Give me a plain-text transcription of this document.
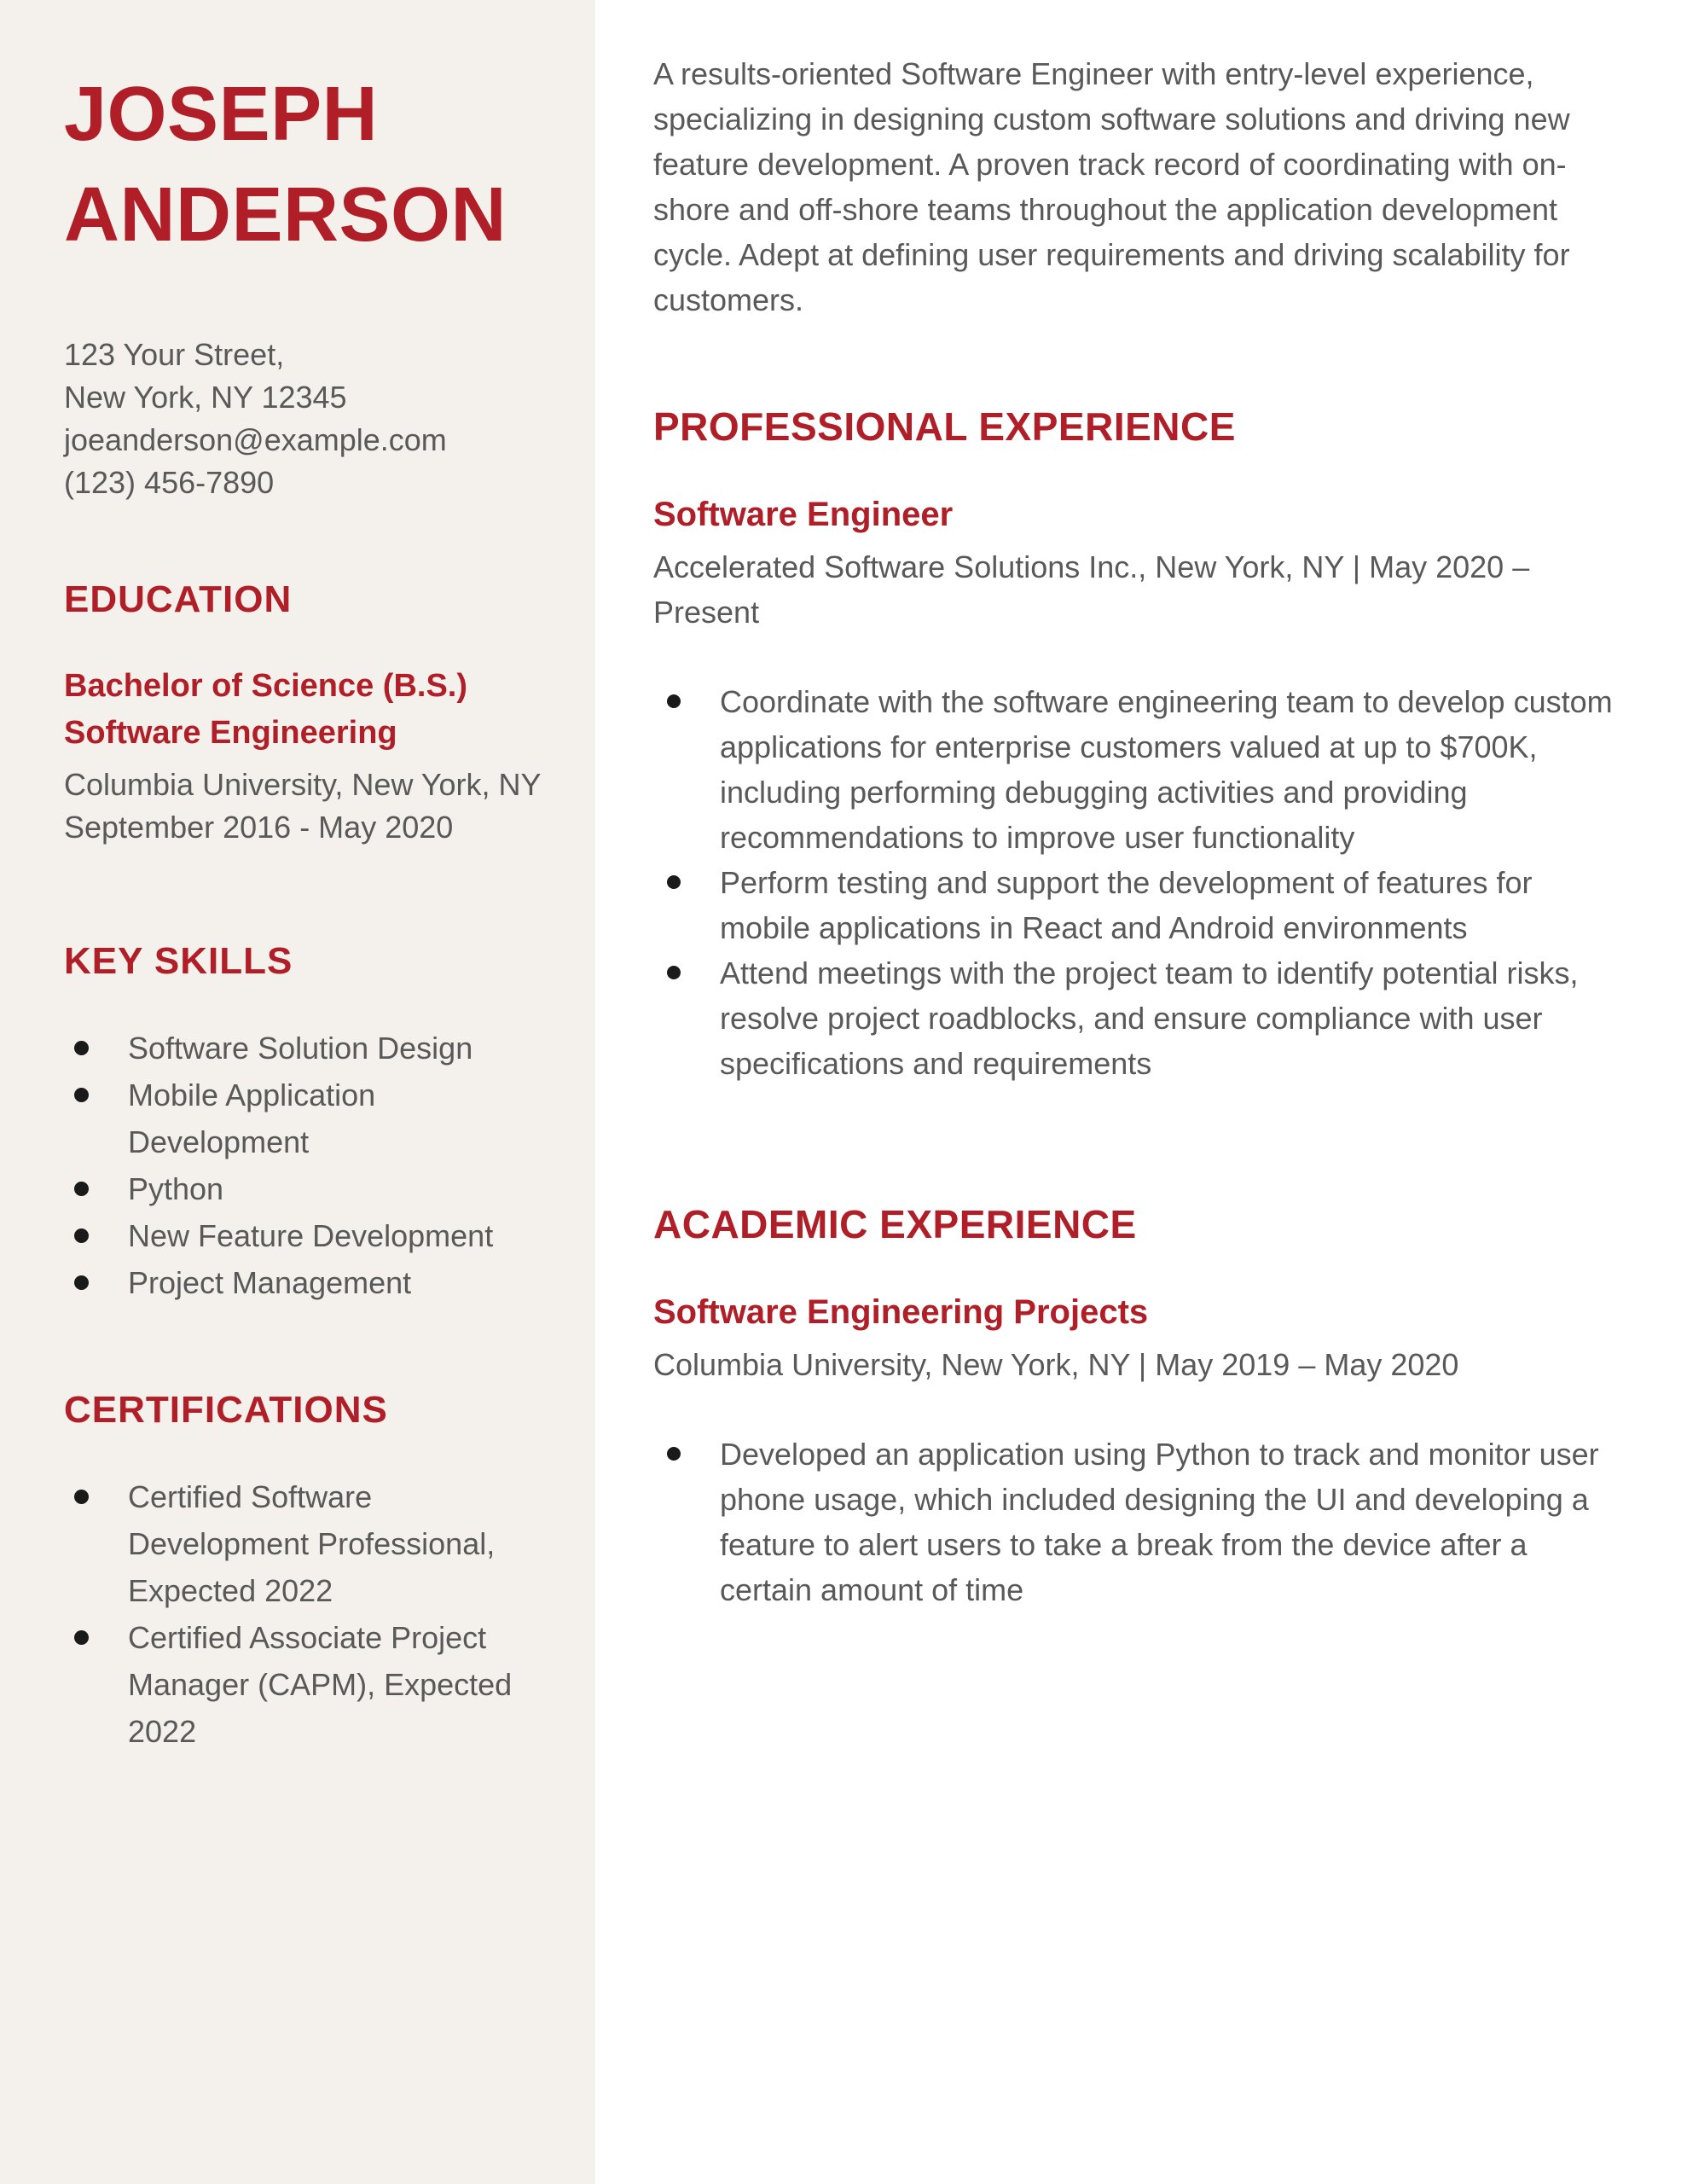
JOSEPH
ANDERSON
123 Your Street,
New York, NY 12345
joeanderson@example.com
(123) 456-7890
EDUCATION
Bachelor of Science (B.S.)
Software Engineering
Columbia University, New York, NY
September 2016 - May 2020
KEY SKILLS
Software Solution Design
Mobile Application Development
Python
New Feature Development
Project Management
CERTIFICATIONS
Certified Software Development Professional, Expected 2022
Certified Associate Project Manager (CAPM), Expected 2022
A results-oriented Software Engineer with entry-level experience, specializing in designing custom software solutions and driving new feature development. A proven track record of coordinating with on-shore and off-shore teams throughout the application development cycle. Adept at defining user requirements and driving scalability for customers.
PROFESSIONAL EXPERIENCE
Software Engineer
Accelerated Software Solutions Inc., New York, NY | May 2020 – Present
Coordinate with the software engineering team to develop custom applications for enterprise customers valued at up to $700K, including performing debugging activities and providing recommendations to improve user functionality
Perform testing and support the development of features for mobile applications in React and Android environments
Attend meetings with the project team to identify potential risks, resolve project roadblocks, and ensure compliance with user specifications and requirements
ACADEMIC EXPERIENCE
Software Engineering Projects
Columbia University, New York, NY | May 2019 – May 2020
Developed an application using Python to track and monitor user phone usage, which included designing the UI and developing a feature to alert users to take a break from the device after a certain amount of time
